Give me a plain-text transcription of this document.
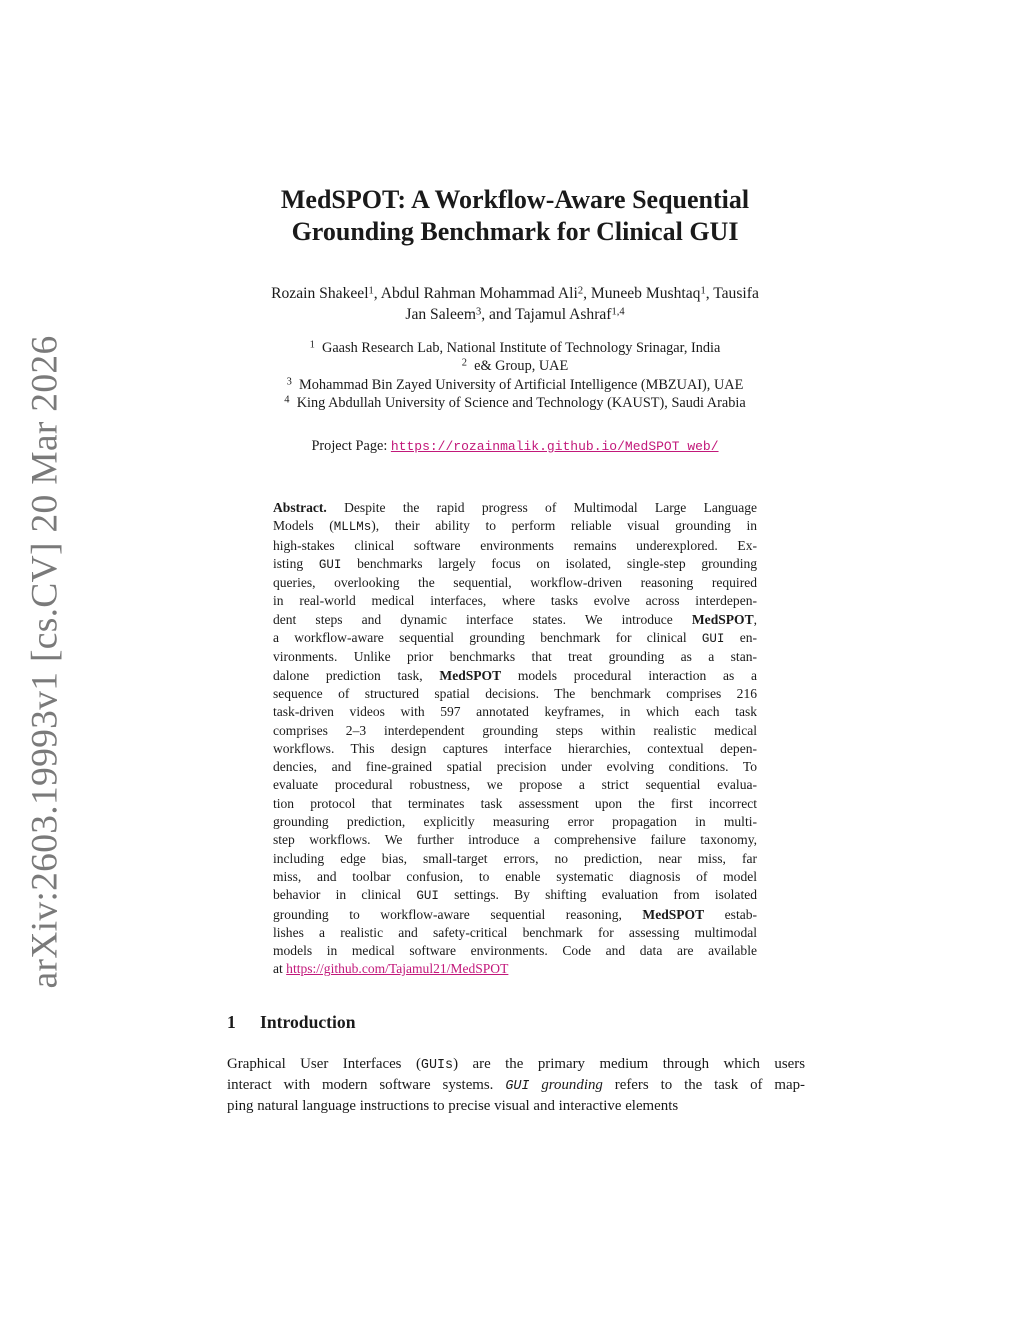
arXiv:2603.19993v1 [cs.CV] 20 Mar 2026
MedSPOT: A Workflow-Aware Sequential
Grounding Benchmark for Clinical GUI
Rozain Shakeel$^1$, Abdul Rahman Mohammad Ali$^2$, Muneeb Mushtaq$^1$, Tausifa
Jan Saleem$^3$, and Tajamul Ashraf$^{1,4}$
$^1$ Gaash Research Lab, National Institute of Technology Srinagar, India
$^2$ e& Group, UAE
$^3$ Mohammad Bin Zayed University of Artificial Intelligence (MBZUAI), UAE
$^4$ King Abdullah University of Science and Technology (KAUST), Saudi Arabia
Project Page: https://rozainmalik.github.io/MedSPOT_web/
Abstract. Despite the rapid progress of Multimodal Large Language
Models (MLLMs), their ability to perform reliable visual grounding in
high-stakes clinical software environments remains underexplored. Ex-
isting GUI benchmarks largely focus on isolated, single-step grounding
queries, overlooking the sequential, workflow-driven reasoning required
in real-world medical interfaces, where tasks evolve across interdepen-
dent steps and dynamic interface states. We introduce MedSPOT,
a workflow-aware sequential grounding benchmark for clinical GUI en-
vironments. Unlike prior benchmarks that treat grounding as a stan-
dalone prediction task, MedSPOT models procedural interaction as a
sequence of structured spatial decisions. The benchmark comprises 216
task-driven videos with 597 annotated keyframes, in which each task
comprises 2–3 interdependent grounding steps within realistic medical
workflows. This design captures interface hierarchies, contextual depen-
dencies, and fine-grained spatial precision under evolving conditions. To
evaluate procedural robustness, we propose a strict sequential evalua-
tion protocol that terminates task assessment upon the first incorrect
grounding prediction, explicitly measuring error propagation in multi-
step workflows. We further introduce a comprehensive failure taxonomy,
including edge bias, small-target errors, no prediction, near miss, far
miss, and toolbar confusion, to enable systematic diagnosis of model
behavior in clinical GUI settings. By shifting evaluation from isolated
grounding to workflow-aware sequential reasoning, MedSPOT estab-
lishes a realistic and safety-critical benchmark for assessing multimodal
models in medical software environments. Code and data are available
at https://github.com/Tajamul21/MedSPOT
1 Introduction
Graphical User Interfaces (GUIs) are the primary medium through which users
interact with modern software systems. GUI grounding refers to the task of map-
ping natural language instructions to precise visual and interactive elements
